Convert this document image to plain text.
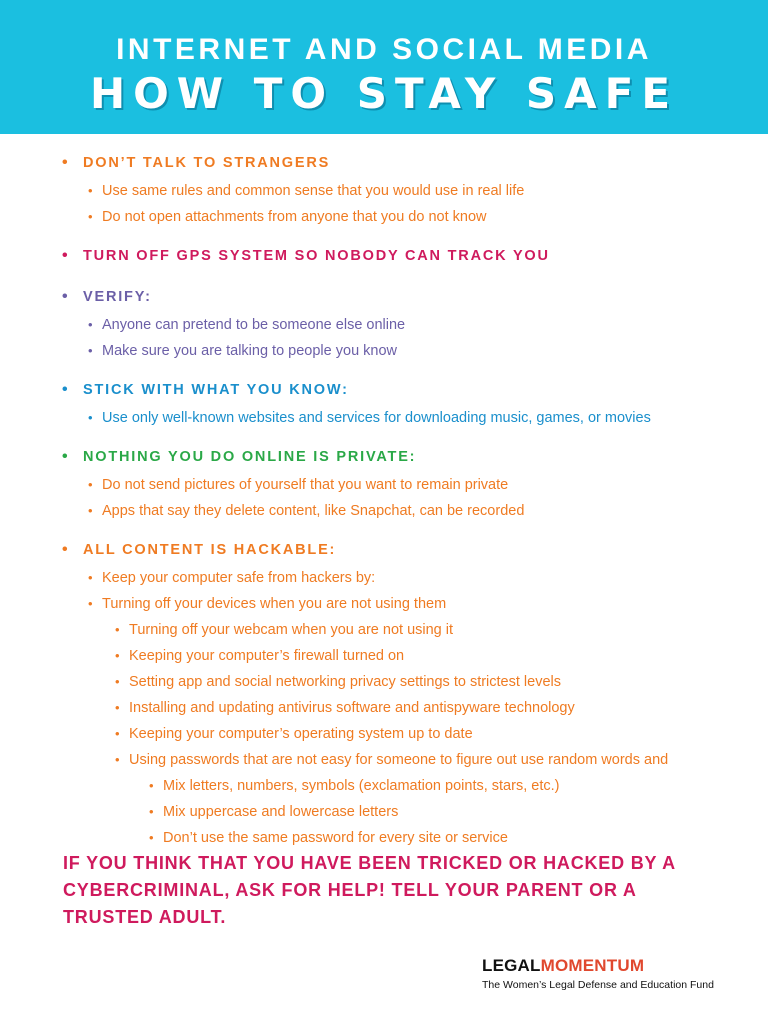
INTERNET AND SOCIAL MEDIA
HOW TO STAY SAFE
• DON’T TALK TO STRANGERS
• Use same rules and common sense that you would use in real life
• Do not open attachments from anyone that you do not know
• TURN OFF GPS SYSTEM SO NOBODY CAN TRACK YOU
• VERIFY:
• Anyone can pretend to be someone else online
• Make sure you are talking to people you know
• STICK WITH WHAT YOU KNOW:
• Use only well-known websites and services for downloading music, games, or movies
• NOTHING YOU DO ONLINE IS PRIVATE:
• Do not send pictures of yourself that you want to remain private
• Apps that say they delete content, like Snapchat, can be recorded
• ALL CONTENT IS HACKABLE:
• Keep your computer safe from hackers by:
• Turning off your devices when you are not using them
• Turning off your webcam when you are not using it
• Keeping your computer’s firewall turned on
• Setting app and social networking privacy settings to strictest levels
• Installing and updating antivirus software and antispyware technology
• Keeping your computer’s operating system up to date
• Using passwords that are not easy for someone to figure out use random words and
• Mix letters, numbers, symbols (exclamation points, stars, etc.)
• Mix uppercase and lowercase letters
• Don’t use the same password for every site or service
IF YOU THINK THAT YOU HAVE BEEN TRICKED OR HACKED BY A CYBERCRIMINAL, ASK FOR HELP! TELL YOUR PARENT OR A TRUSTED ADULT.
LEGALMOMENTUM
The Women’s Legal Defense and Education Fund
